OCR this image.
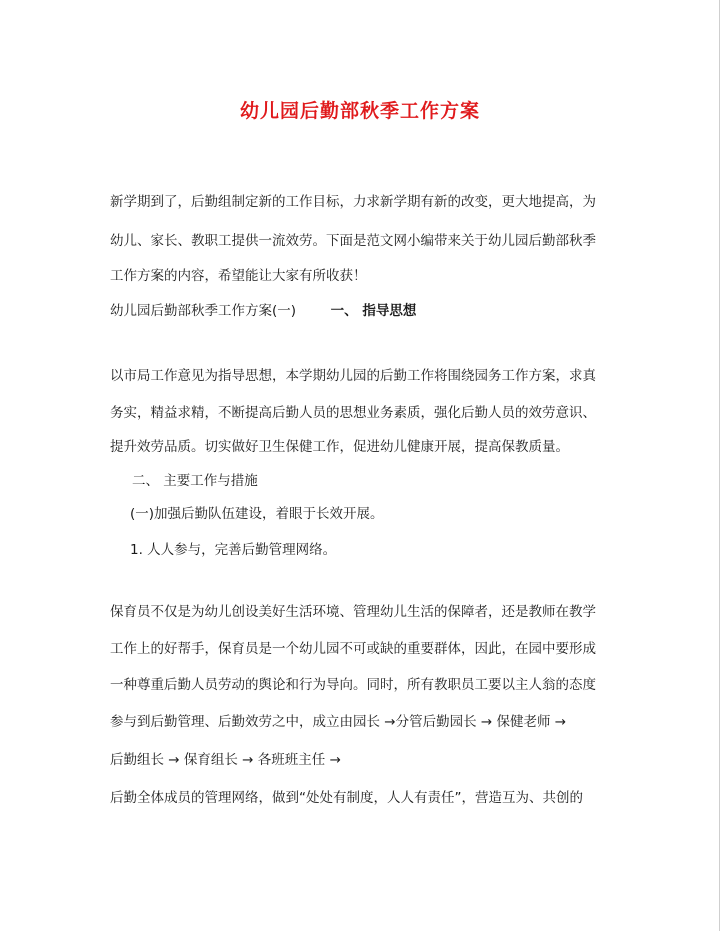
幼儿园后勤部秋季工作方案
新学期到了，后勤组制定新的工作目标，力求新学期有新的改变，更大地提高，为
幼儿、家长、教职工提供一流效劳。下面是范文网小编带来关于幼儿园后勤部秋季
工作方案的内容，希望能让大家有所收获！
幼儿园后勤部秋季工作方案(一)	一、 指导思想
以市局工作意见为指导思想，本学期幼儿园的后勤工作将围绕园务工作方案，求真
务实，精益求精，不断提高后勤人员的思想业务素质，强化后勤人员的效劳意识、
提升效劳品质。切实做好卫生保健工作，促进幼儿健康开展，提高保教质量。
二、 主要工作与措施
(一)加强后勤队伍建设，着眼于长效开展。
1. 人人参与，完善后勤管理网络。
保育员不仅是为幼儿创设美好生活环境、管理幼儿生活的保障者，还是教师在教学
工作上的好帮手，保育员是一个幼儿园不可或缺的重要群体，因此，在园中要形成
一种尊重后勤人员劳动的舆论和行为导向。同时，所有教职员工要以主人翁的态度
参与到后勤管理、后勤效劳之中，成立由园长 →分管后勤园长 → 保健老师 →
后勤组长 → 保育组长 → 各班班主任 →
后勤全体成员的管理网络，做到“处处有制度，人人有责任”，营造互为、共创的
